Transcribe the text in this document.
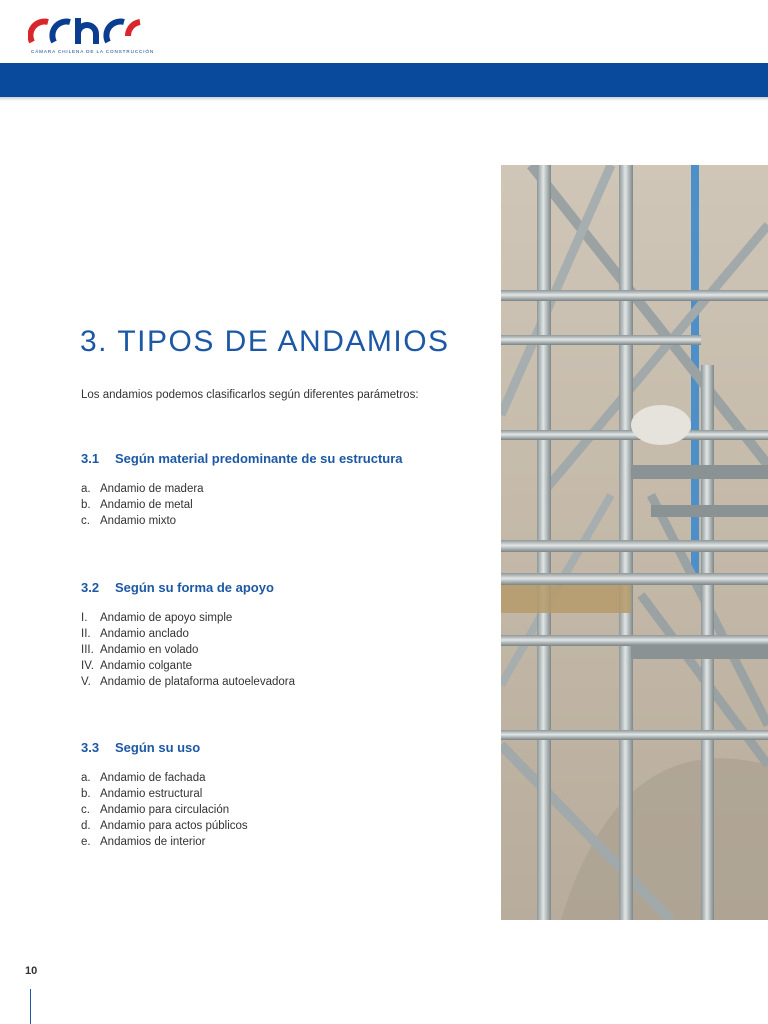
CÁMARA CHILENA DE LA CONSTRUCCIÓN
3. TIPOS DE ANDAMIOS
Los andamios podemos clasificarlos según diferentes parámetros:
3.1	Según material predominante de su estructura
a. Andamio de madera
b. Andamio de metal
c. Andamio mixto
3.2	Según su forma de apoyo
I.	Andamio de apoyo simple
II. Andamio anclado
III. Andamio en volado
IV. Andamio colgante
V. Andamio de plataforma autoelevadora
3.3	Según su uso
a. Andamio de fachada
b. Andamio estructural
c. Andamio para circulación
d. Andamio para actos públicos
e. Andamios de interior
10
